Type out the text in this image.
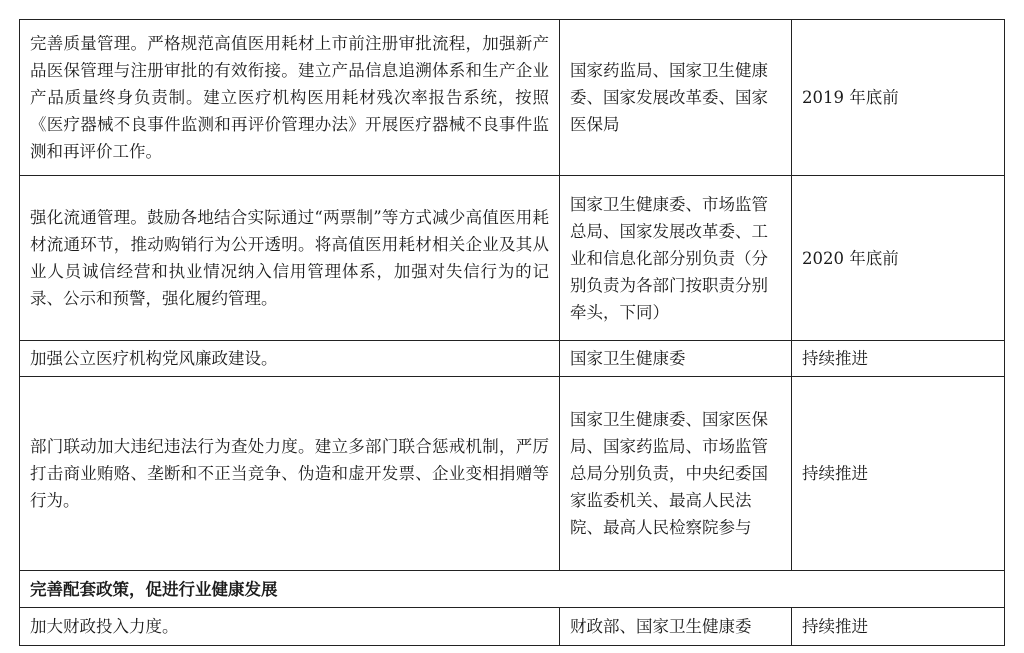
完善质量管理。严格规范高值医用耗材上市前注册审批流程，加强新产品医保管理与注册审批的有效衔接。建立产品信息追溯体系和生产企业产品质量终身负责制。建立医疗机构医用耗材残次率报告系统，按照《医疗器械不良事件监测和再评价管理办法》开展医疗器械不良事件监测和再评价工作。	国家药监局、国家卫生健康委、国家发展改革委、国家医保局	2019 年底前
强化流通管理。鼓励各地结合实际通过“两票制”等方式减少高值医用耗材流通环节，推动购销行为公开透明。将高值医用耗材相关企业及其从业人员诚信经营和执业情况纳入信用管理体系，加强对失信行为的记录、公示和预警，强化履约管理。	国家卫生健康委、市场监管总局、国家发展改革委、工业和信息化部分别负责（分别负责为各部门按职责分别牵头，下同）	2020 年底前
加强公立医疗机构党风廉政建设。	国家卫生健康委	持续推进
部门联动加大违纪违法行为查处力度。建立多部门联合惩戒机制，严厉打击商业贿赂、垄断和不正当竞争、伪造和虚开发票、企业变相捐赠等行为。	国家卫生健康委、国家医保局、国家药监局、市场监管总局分别负责，中央纪委国家监委机关、最高人民法院、最高人民检察院参与	持续推进
完善配套政策，促进行业健康发展		
加大财政投入力度。	财政部、国家卫生健康委	持续推进
